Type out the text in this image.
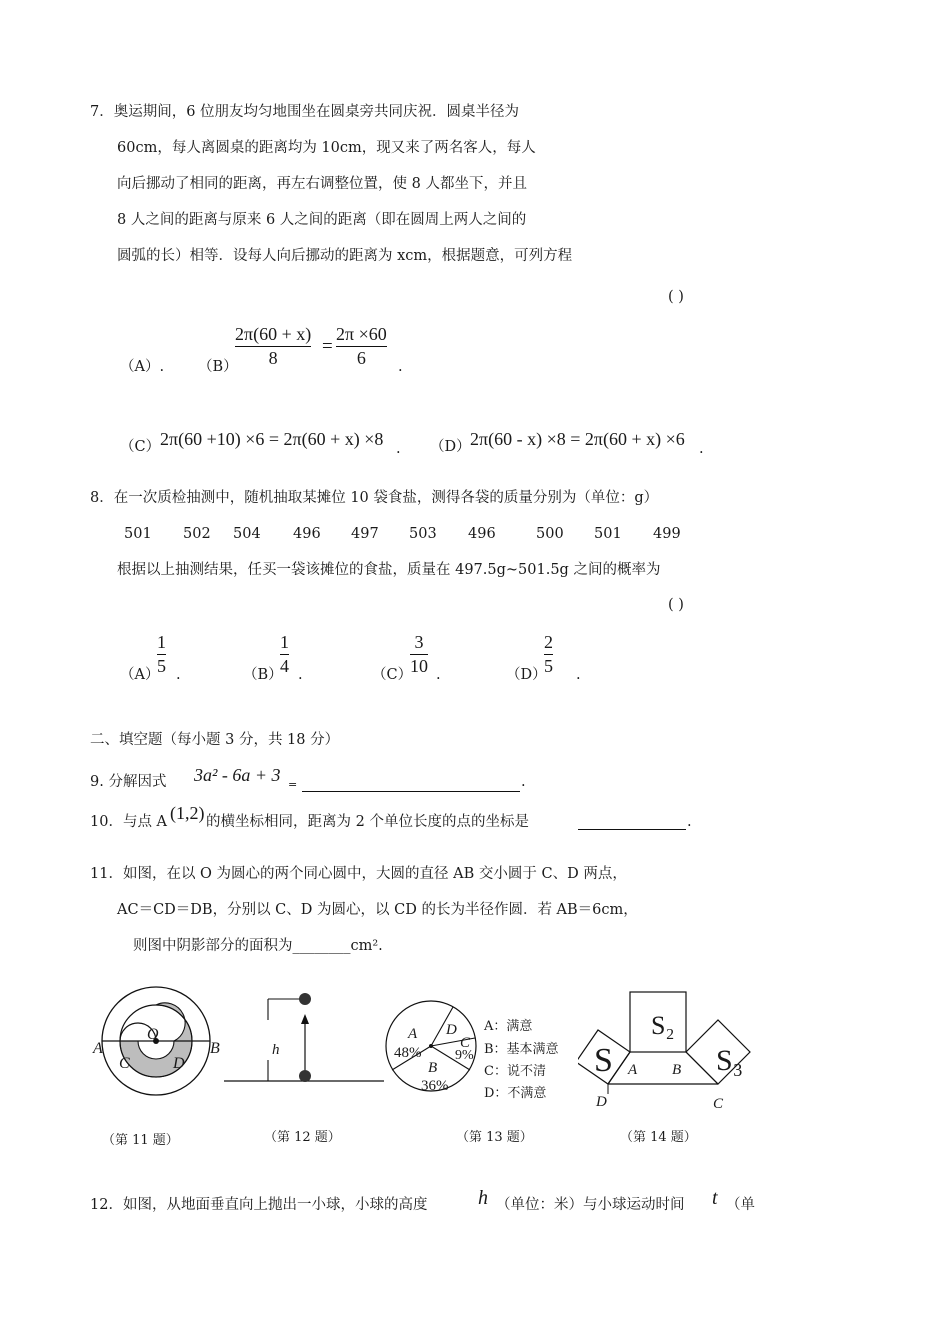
7．奥运期间，6 位朋友均匀地围坐在圆桌旁共同庆祝．圆桌半径为
60cm，每人离圆桌的距离均为 10cm，现又来了两名客人，每人
向后挪动了相同的距离，再左右调整位置，使 8 人都坐下，并且
8 人之间的距离与原来 6 人之间的距离（即在圆周上两人之间的
圆弧的长）相等．设每人向后挪动的距离为 xcm，根据题意，可列方程
( )
（A）. （B）
2π(60 + x)
8
=
2π ×60
6 .
（C） 2π(60 +10) ×6 = 2π(60 + x) ×8 . （D） 2π(60 - x) ×8 = 2π(60 + x) ×6 .
8．在一次质检抽测中，随机抽取某摊位 10 袋食盐，测得各袋的质量分别为（单位：g）
501 502 504 496 497 503 496	500 501 499
根据以上抽测结果，任买一袋该摊位的食盐，质量在 497.5g~501.5g 之间的概率为
( )
（A）
1
5 .	（B）
1
4 .	（C）
3
10 .	（D）
2
5 .
二、填空题（每小题 3 分，共 18 分）
9. 分解因式 3a² - 6a + 3 =	.
10．与点 A (1,2) 的横坐标相同，距离为 2 个单位长度的点的坐标是	.
11．如图，在以 O 为圆心的两个同心圆中，大圆的直径 AB 交小圆于 C、D 两点，
AC＝CD＝DB，分别以 C、D 为圆心，以 CD 的长为半径作圆．若 AB＝6cm，
则图中阴影部分的面积为________cm².
A	B
O
C	D
（第 11 题）
h
（第 12 题）
A
48%
D
C
9%
B
36%
A：满意
B：基本满意
C：说不清
D：不满意
（第 13 题）
S
S₂
S₃
A B
D	C
（第 14 题）
12．如图，从地面垂直向上抛出一小球，小球的高度	h （单位：米）与小球运动时间 t （单
